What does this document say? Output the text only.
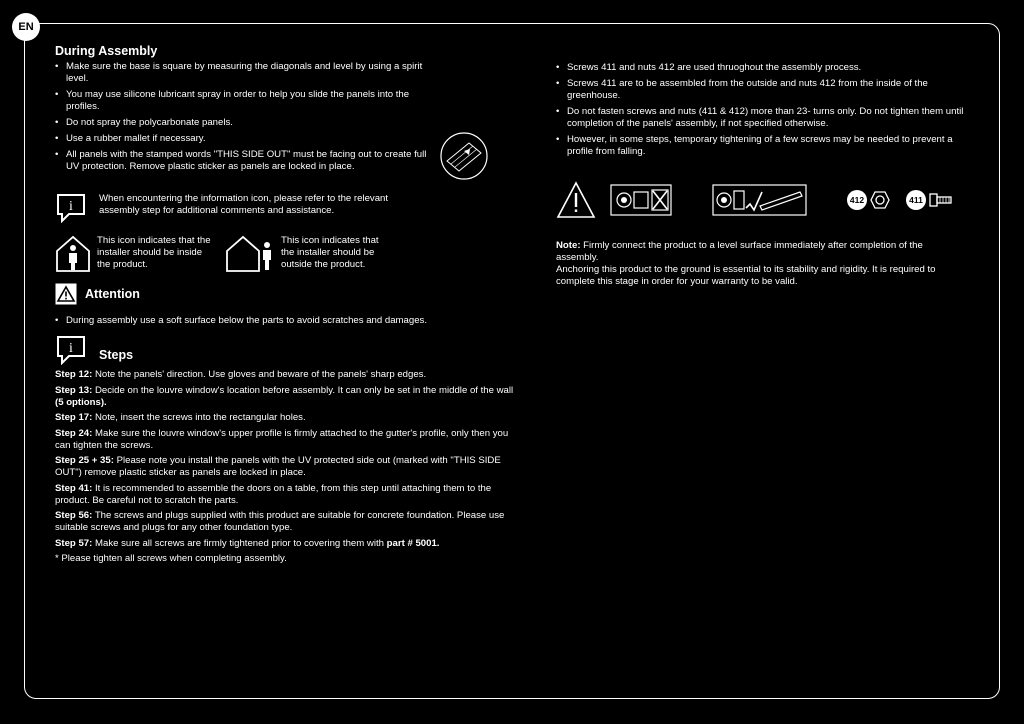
EN
During Assembly
• Make sure the base is square by measuring the diagonals and level by using a spirit level.
• You may use silicone lubricant spray in order to help you slide the panels into the profiles.
• Do not spray the polycarbonate panels.
• Use a rubber mallet if necessary.
• All panels with the stamped words "THIS SIDE OUT" must be facing out to create full UV protection. Remove plastic sticker as panels are locked in place.
i
When encountering the information icon, please refer to the relevant assembly step for additional comments and assistance.
This icon indicates that the installer should be inside the product.
This icon indicates that the installer should be outside the product.
Attention
• During assembly use a soft surface below the parts to avoid scratches and damages.
i Steps

Step 12: Note the panels' direction. Use gloves and beware of the panels' sharp edges.

Step 13: Decide on the louvre window's location before assembly. It can only be set in the middle of the wall (5 options).

Step 17: Note, insert the screws into the rectangular holes.

Step 24: Make sure the louvre window's upper profile is firmly attached to the gutter's profile, only then you can tighten the screws.

Step 25 + 35: Please note you install the panels with the UV protected side out (marked with "THIS SIDE OUT") remove plastic sticker as panels are locked in place.

Step 41: It is recommended to assemble the doors on a table, from this step until attaching them to the product. Be careful not to scratch the parts.

Step 56: The screws and plugs supplied with this product are suitable for concrete foundation. Please use suitable screws and plugs for any other foundation type.

Step 57: Make sure all screws are firmly tightened prior to covering them with part # 5001.

* Please tighten all screws when completing assembly.

• Screws 411 and nuts 412 are used thruoghout the assembly process.
• Screws 411 are to be assembled from the outside and nuts 412 from the inside of the greenhouse.
• Do not fasten screws and nuts (411 & 412) more than 23- turns only. Do not tighten them until completion of the panels' assembly, if not specified otherwise.
• However, in some steps, temporary tightening of a few screws may be needed to prevent a profile from falling.
412	411

Note: Firmly connect the product to a level surface immediately after completion of the assembly.

Anchoring this product to the ground is essential to its stability and rigidity. It is required to complete this stage in order for your warranty to be valid.
